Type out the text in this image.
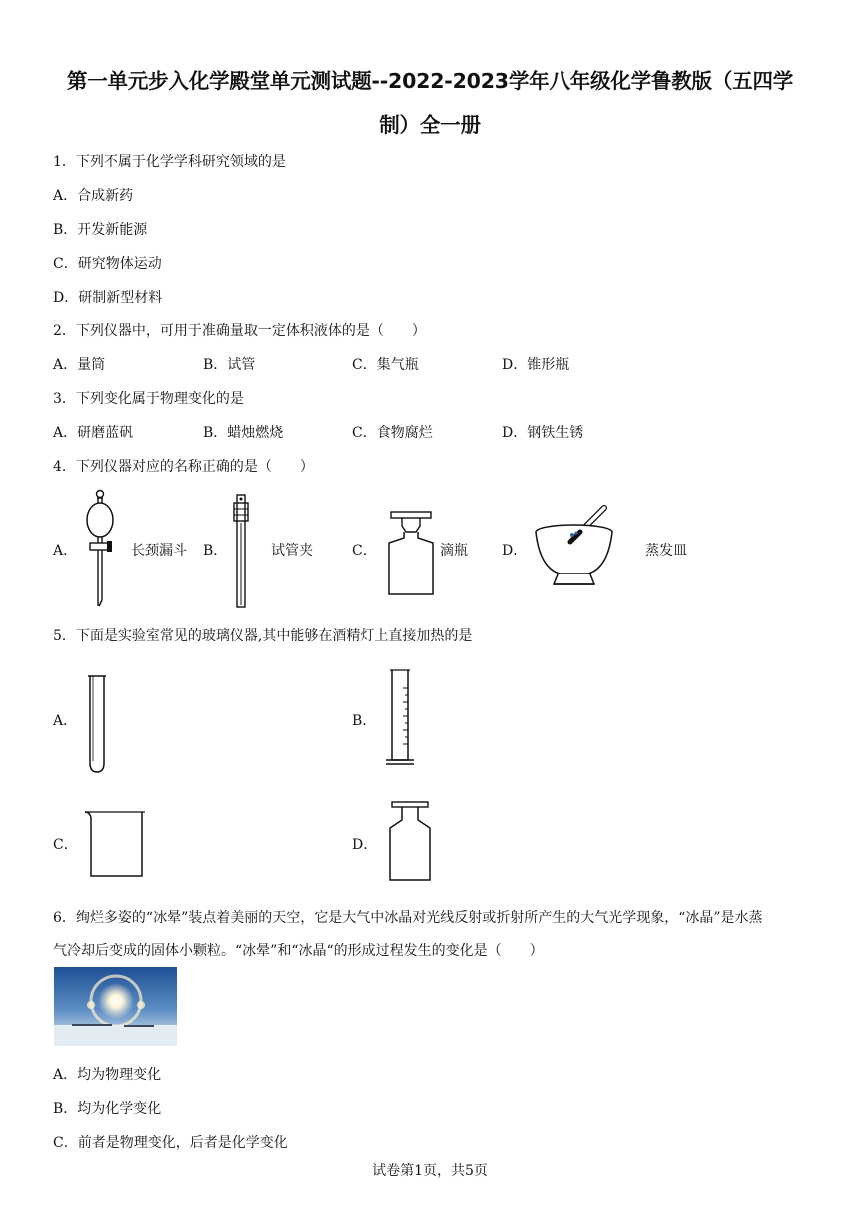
第一单元步入化学殿堂单元测试题--2022-2023学年八年级化学鲁教版（五四学
制）全一册
1．下列不属于化学学科研究领域的是
A．合成新药
B．开发新能源
C．研究物体运动
D．研制新型材料
2．下列仪器中，可用于准确量取一定体积液体的是（　　）
A．量筒	B．试管	C．集气瓶	D．锥形瓶
3．下列变化属于物理变化的是
A．研磨蓝矾	B．蜡烛燃烧	C．食物腐烂	D．钢铁生锈
4．下列仪器对应的名称正确的是（　　）
A．	长颈漏斗 B．	试管夹	C．	滴瓶 D．	蒸发皿
5．下面是实验室常见的玻璃仪器,其中能够在酒精灯上直接加热的是
A．	B．
C．	D．
6．绚烂多姿的“冰晕”装点着美丽的天空，它是大气中冰晶对光线反射或折射所产生的大气光学现象，“冰晶”是水蒸
气冷却后变成的固体小颗粒。“冰晕”和“冰晶“的形成过程发生的变化是（　　）
A．均为物理变化
B．均为化学变化
C．前者是物理变化，后者是化学变化
试卷第1页，共5页
